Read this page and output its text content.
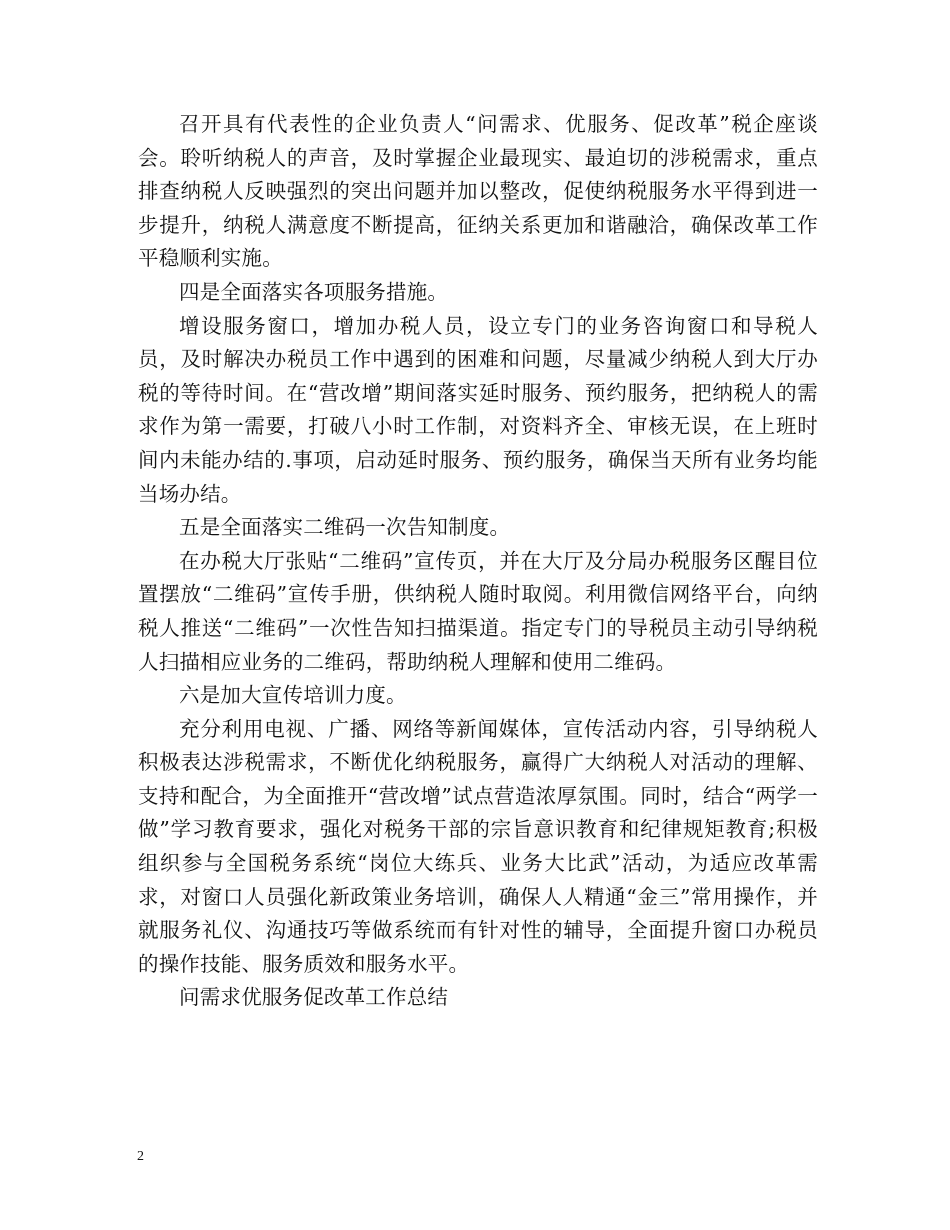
召开具有代表性的企业负责人“问需求、优服务、促改革”税企座谈会。聆听纳税人的声音，及时掌握企业最现实、最迫切的涉税需求，重点排查纳税人反映强烈的突出问题并加以整改，促使纳税服务水平得到进一步提升，纳税人满意度不断提高，征纳关系更加和谐融洽，确保改革工作平稳顺利实施。

四是全面落实各项服务措施。

增设服务窗口，增加办税人员，设立专门的业务咨询窗口和导税人员，及时解决办税员工作中遇到的困难和问题，尽量减少纳税人到大厅办税的等待时间。在“营改增”期间落实延时服务、预约服务，把纳税人的需求作为第一需要，打破八小时工作制，对资料齐全、审核无误，在上班时间内未能办结的.事项，启动延时服务、预约服务，确保当天所有业务均能当场办结。

五是全面落实二维码一次告知制度。

在办税大厅张贴“二维码”宣传页，并在大厅及分局办税服务区醒目位置摆放“二维码”宣传手册，供纳税人随时取阅。利用微信网络平台，向纳税人推送“二维码”一次性告知扫描渠道。指定专门的导税员主动引导纳税人扫描相应业务的二维码，帮助纳税人理解和使用二维码。

六是加大宣传培训力度。

充分利用电视、广播、网络等新闻媒体，宣传活动内容，引导纳税人积极表达涉税需求，不断优化纳税服务，赢得广大纳税人对活动的理解、支持和配合，为全面推开“营改增”试点营造浓厚氛围。同时，结合“两学一做”学习教育要求，强化对税务干部的宗旨意识教育和纪律规矩教育;积极组织参与全国税务系统“岗位大练兵、业务大比武”活动，为适应改革需求，对窗口人员强化新政策业务培训，确保人人精通“金三”常用操作，并就服务礼仪、沟通技巧等做系统而有针对性的辅导，全面提升窗口办税员的操作技能、服务质效和服务水平。

问需求优服务促改革工作总结

2
